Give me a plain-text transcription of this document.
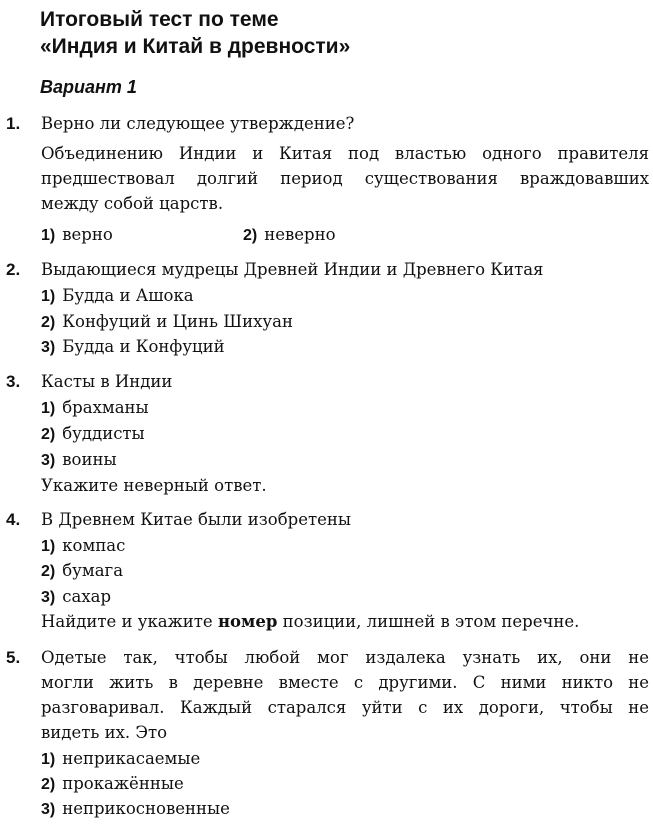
Итоговый тест по теме
«Индия и Китай в древности»
Вариант 1
1. Верно ли следующее утверждение?
Объединению Индии и Китая под властью одного правителя
предшествовал долгий период существования враждовавших
между собой царств.
1) верно	2) неверно
2. Выдающиеся мудрецы Древней Индии и Древнего Китая
1) Будда и Ашока
2) Конфуций и Цинь Шихуан
3) Будда и Конфуций
3. Касты в Индии
1) брахманы
2) буддисты
3) воины
Укажите неверный ответ.
4. В Древнем Китае были изобретены
1) компас
2) бумага
3) сахар
Найдите и укажите номер позиции, лишней в этом перечне.
5. Одетые так, чтобы любой мог издалека узнать их, они не
могли жить в деревне вместе с другими. С ними никто не
разговаривал. Каждый старался уйти с их дороги, чтобы не
видеть их. Это
1) неприкасаемые
2) прокажённые
3) неприкосновенные
